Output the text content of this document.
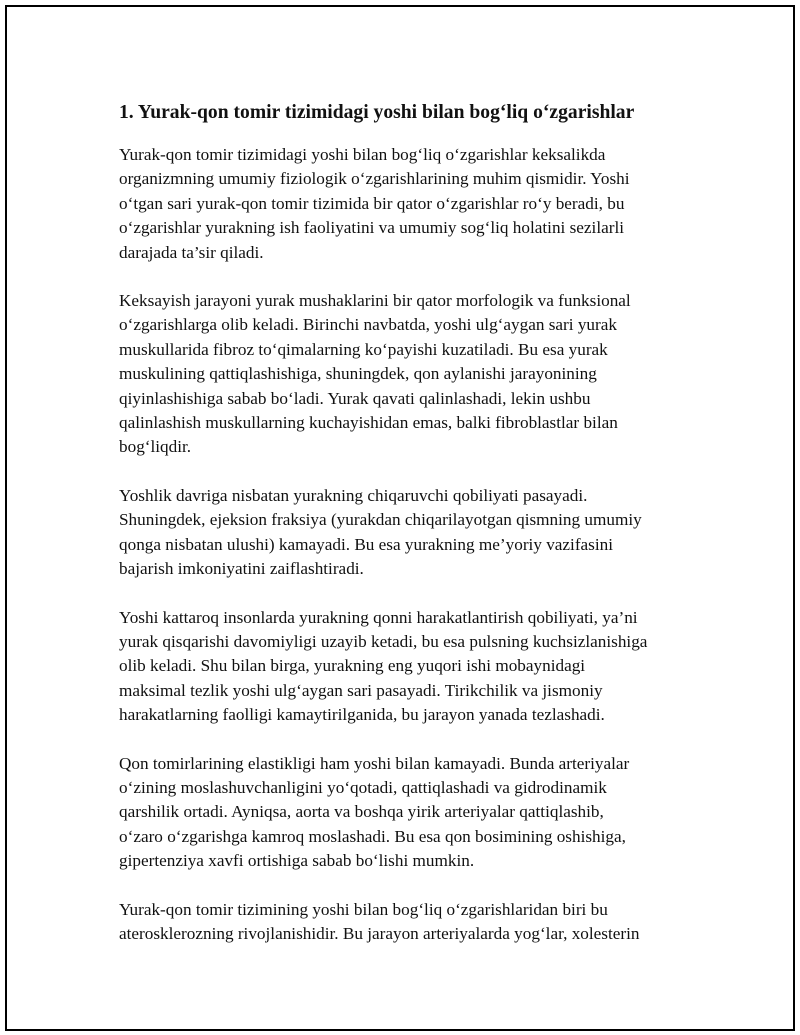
1. Yurak-qon tomir tizimidagi yoshi bilan bog‘liq o‘zgarishlar

Yurak-qon tomir tizimidagi yoshi bilan bog‘liq o‘zgarishlar keksalikda
organizmning umumiy fiziologik o‘zgarishlarining muhim qismidir. Yoshi
o‘tgan sari yurak-qon tomir tizimida bir qator o‘zgarishlar ro‘y beradi, bu
o‘zgarishlar yurakning ish faoliyatini va umumiy sog‘liq holatini sezilarli
darajada ta’sir qiladi.

Keksayish jarayoni yurak mushaklarini bir qator morfologik va funksional
o‘zgarishlarga olib keladi. Birinchi navbatda, yoshi ulg‘aygan sari yurak
muskullarida fibroz to‘qimalarning ko‘payishi kuzatiladi. Bu esa yurak
muskulining qattiqlashishiga, shuningdek, qon aylanishi jarayonining
qiyinlashishiga sabab bo‘ladi. Yurak qavati qalinlashadi, lekin ushbu
qalinlashish muskullarning kuchayishidan emas, balki fibroblastlar bilan
bog‘liqdir.

Yoshlik davriga nisbatan yurakning chiqaruvchi qobiliyati pasayadi.
Shuningdek, ejeksion fraksiya (yurakdan chiqarilayotgan qismning umumiy
qonga nisbatan ulushi) kamayadi. Bu esa yurakning me’yoriy vazifasini
bajarish imkoniyatini zaiflashtiradi.

Yoshi kattaroq insonlarda yurakning qonni harakatlantirish qobiliyati, ya’ni
yurak qisqarishi davomiyligi uzayib ketadi, bu esa pulsning kuchsizlanishiga
olib keladi. Shu bilan birga, yurakning eng yuqori ishi mobaynidagi
maksimal tezlik yoshi ulg‘aygan sari pasayadi. Tirikchilik va jismoniy
harakatlarning faolligi kamaytirilganida, bu jarayon yanada tezlashadi.

Qon tomirlarining elastikligi ham yoshi bilan kamayadi. Bunda arteriyalar
o‘zining moslashuvchanligini yo‘qotadi, qattiqlashadi va gidrodinamik
qarshilik ortadi. Ayniqsa, aorta va boshqa yirik arteriyalar qattiqlashib,
o‘zaro o‘zgarishga kamroq moslashadi. Bu esa qon bosimining oshishiga,
gipertenziya xavfi ortishiga sabab bo‘lishi mumkin.

Yurak-qon tomir tizimining yoshi bilan bog‘liq o‘zgarishlaridan biri bu
aterosklerozning rivojlanishidir. Bu jarayon arteriyalarda yog‘lar, xolesterin
